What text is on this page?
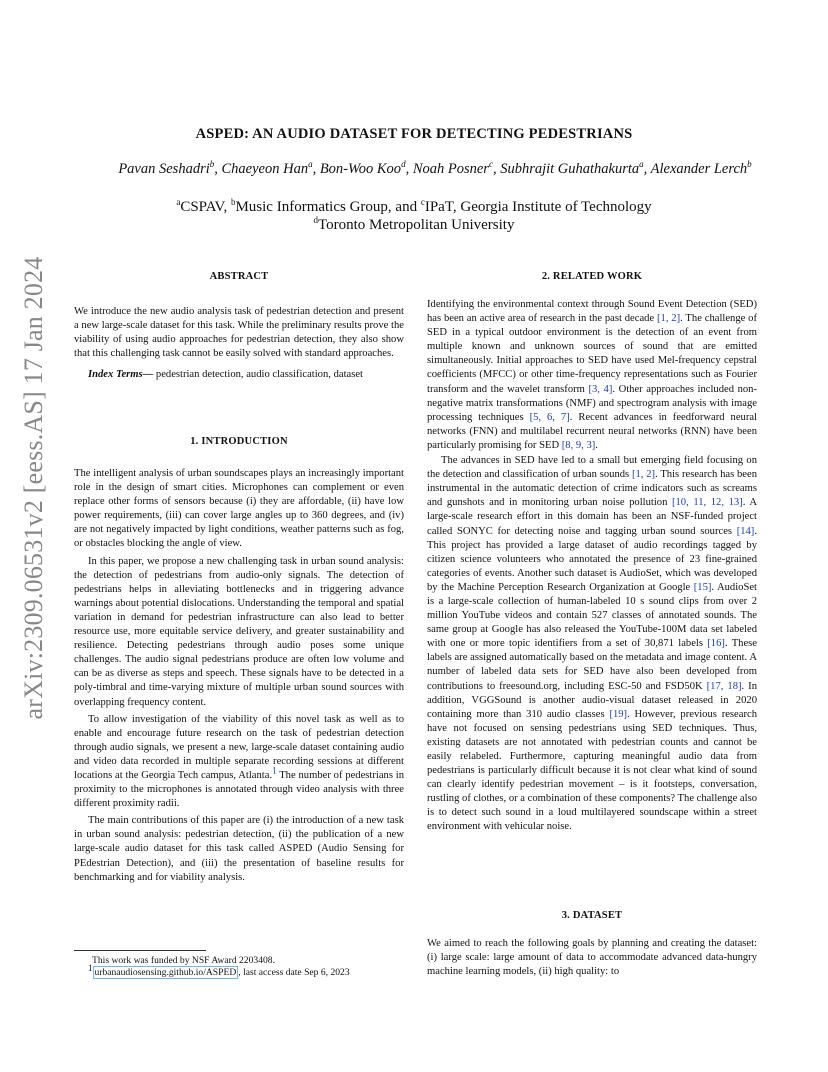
arXiv:2309.06531v2 [eess.AS] 17 Jan 2024
ASPED: AN AUDIO DATASET FOR DETECTING PEDESTRIANS
Pavan Seshadri$^b$, Chaeyeon Han$^a$, Bon-Woo Koo$^d$, Noah Posner$^c$, Subhrajit Guhathakurta$^a$, Alexander Lerch$^b$
$^a$CSPAV, $^b$Music Informatics Group, and $^c$IPaT, Georgia Institute of Technology
$^d$Toronto Metropolitan University
ABSTRACT

We introduce the new audio analysis task of pedestrian detection and present a new large-scale dataset for this task. While the preliminary results prove the viability of using audio approaches for pedestrian detection, they also show that this challenging task cannot be easily solved with standard approaches.

Index Terms— pedestrian detection, audio classification, dataset

1. INTRODUCTION

The intelligent analysis of urban soundscapes plays an increasingly important role in the design of smart cities. Microphones can complement or even replace other forms of sensors because (i) they are affordable, (ii) have low power requirements, (iii) can cover large angles up to 360 degrees, and (iv) are not negatively impacted by light conditions, weather patterns such as fog, or obstacles blocking the angle of view.

In this paper, we propose a new challenging task in urban sound analysis: the detection of pedestrians from audio-only signals. The detection of pedestrians helps in alleviating bottlenecks and in triggering advance warnings about potential dislocations. Understanding the temporal and spatial variation in demand for pedestrian infrastructure can also lead to better resource use, more equitable service delivery, and greater sustainability and resilience. Detecting pedestrians through audio poses some unique challenges. The audio signal pedestrians produce are often low volume and can be as diverse as steps and speech. These signals have to be detected in a poly-timbral and time-varying mixture of multiple urban sound sources with overlapping frequency content.

To allow investigation of the viability of this novel task as well as to enable and encourage future research on the task of pedestrian detection through audio signals, we present a new, large-scale dataset containing audio and video data recorded in multiple separate recording sessions at different locations at the Georgia Tech campus, Atlanta.$^1$ The number of pedestrians in proximity to the microphones is annotated through video analysis with three different proximity radii.

The main contributions of this paper are (i) the introduction of a new task in urban sound analysis: pedestrian detection, (ii) the publication of a new large-scale audio dataset for this task called ASPED (Audio Sensing for PEdestrian Detection), and (iii) the presentation of baseline results for benchmarking and for viability analysis.

This work was funded by NSF Award 2203408.
$^1$ urbanaudiosensing.github.io/ASPED , last access date Sep 6, 2023
2. RELATED WORK

Identifying the environmental context through Sound Event Detection (SED) has been an active area of research in the past decade [1, 2]. The challenge of SED in a typical outdoor environment is the detection of an event from multiple known and unknown sources of sound that are emitted simultaneously. Initial approaches to SED have used Mel-frequency cepstral coefficients (MFCC) or other time-frequency representations such as Fourier transform and the wavelet transform [3, 4]. Other approaches included non-negative matrix transformations (NMF) and spectrogram analysis with image processing techniques [5, 6, 7]. Recent advances in feedforward neural networks (FNN) and multilabel recurrent neural networks (RNN) have been particularly promising for SED [8, 9, 3].

The advances in SED have led to a small but emerging field focusing on the detection and classification of urban sounds [1, 2]. This research has been instrumental in the automatic detection of crime indicators such as screams and gunshots and in monitoring urban noise pollution [10, 11, 12, 13]. A large-scale research effort in this domain has been an NSF-funded project called SONYC for detecting noise and tagging urban sound sources [14]. This project has provided a large dataset of audio recordings tagged by citizen science volunteers who annotated the presence of 23 fine-grained categories of events. Another such dataset is AudioSet, which was developed by the Machine Perception Research Organization at Google [15]. AudioSet is a large-scale collection of human-labeled 10 s sound clips from over 2 million YouTube videos and contain 527 classes of annotated sounds. The same group at Google has also released the YouTube-100M data set labeled with one or more topic identifiers from a set of 30,871 labels [16]. These labels are assigned automatically based on the metadata and image content. A number of labeled data sets for SED have also been developed from contributions to freesound.org, including ESC-50 and FSD50K [17, 18]. In addition, VGGSound is another audio-visual dataset released in 2020 containing more than 310 audio classes [19]. However, previous research have not focused on sensing pedestrians using SED techniques. Thus, existing datasets are not annotated with pedestrian counts and cannot be easily relabeled. Furthermore, capturing meaningful audio data from pedestrians is particularly difficult because it is not clear what kind of sound can clearly identify pedestrian movement – is it footsteps, conversation, rustling of clothes, or a combination of these components? The challenge also is to detect such sound in a loud multilayered soundscape within a street environment with vehicular noise.

3. DATASET

We aimed to reach the following goals by planning and creating the dataset: (i) large scale: large amount of data to accommodate advanced data-hungry machine learning models, (ii) high quality: to
